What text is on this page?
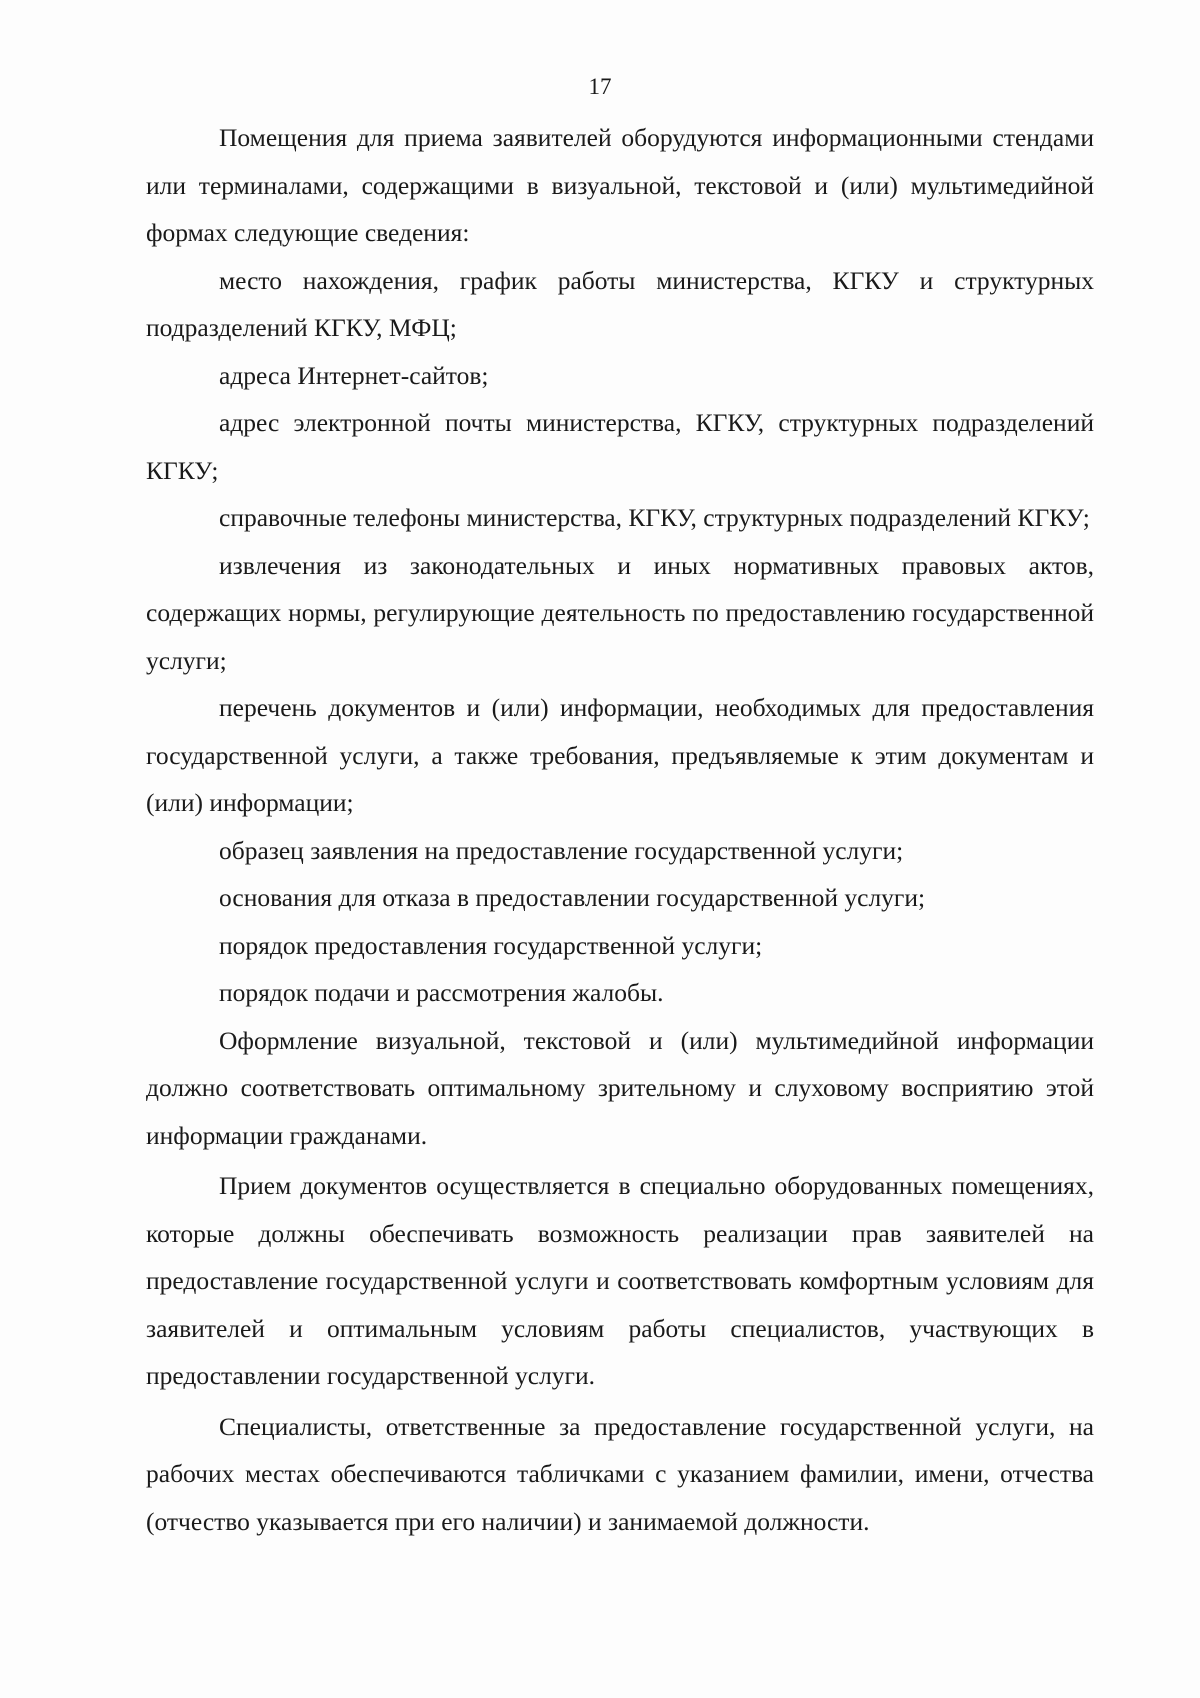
17

Помещения для приема заявителей оборудуются информационными стендами или терминалами, содержащими в визуальной, текстовой и (или) мультимедийной формах следующие сведения:

место нахождения, график работы министерства, КГКУ и структурных подразделений КГКУ, МФЦ;

адреса Интернет-сайтов;

адрес электронной почты министерства, КГКУ, структурных подразделений КГКУ;

справочные телефоны министерства, КГКУ, структурных подразделений КГКУ;

извлечения из законодательных и иных нормативных правовых актов, содержащих нормы, регулирующие деятельность по предоставлению государственной услуги;

перечень документов и (или) информации, необходимых для предоставления государственной услуги, а также требования, предъявляемые к этим документам и (или) информации;

образец заявления на предоставление государственной услуги;

основания для отказа в предоставлении государственной услуги;

порядок предоставления государственной услуги;

порядок подачи и рассмотрения жалобы.

Оформление визуальной, текстовой и (или) мультимедийной информации должно соответствовать оптимальному зрительному и слуховому восприятию этой информации гражданами.

Прием документов осуществляется в специально оборудованных помещениях, которые должны обеспечивать возможность реализации прав заявителей на предоставление государственной услуги и соответствовать комфортным условиям для заявителей и оптимальным условиям работы специалистов, участвующих в предоставлении государственной услуги.

Специалисты, ответственные за предоставление государственной услуги, на рабочих местах обеспечиваются табличками с указанием фамилии, имени, отчества (отчество указывается при его наличии) и занимаемой должности.
